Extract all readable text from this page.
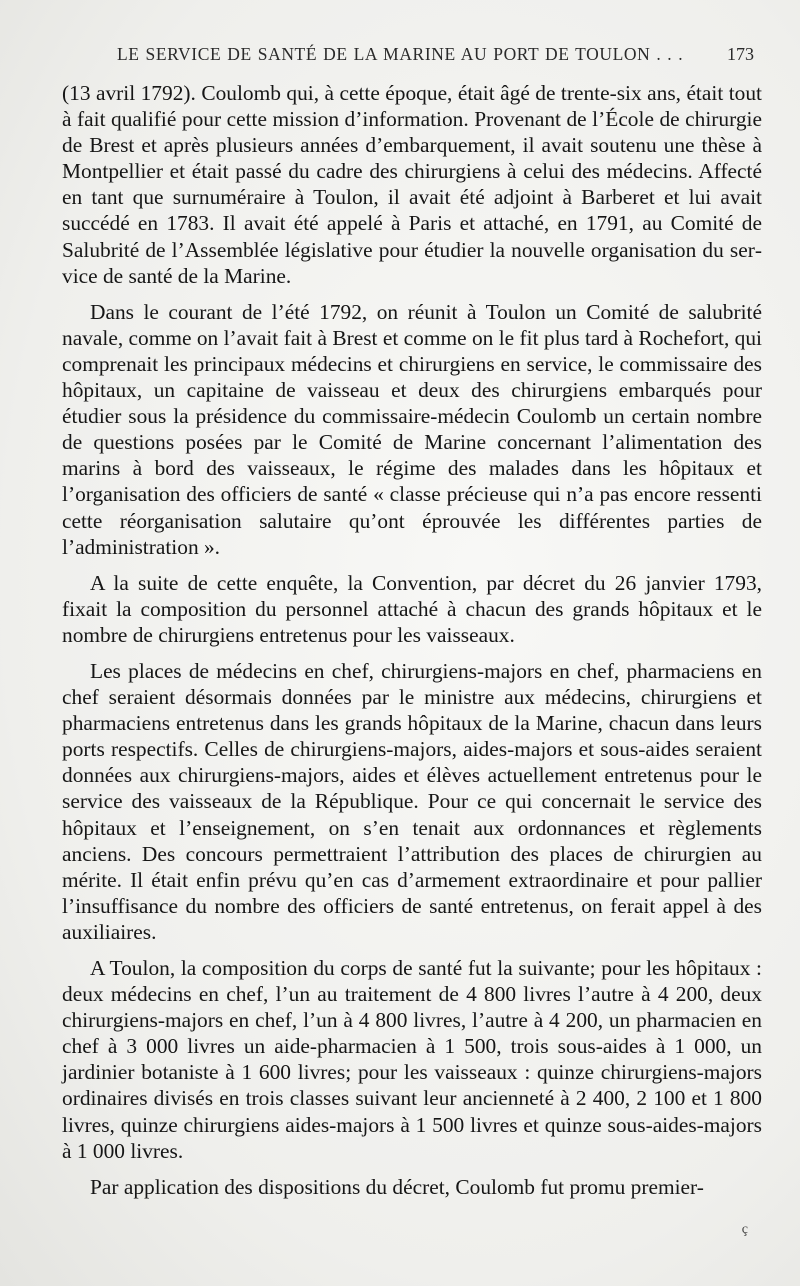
LE SERVICE DE SANTÉ DE LA MARINE AU PORT DE TOULON . . . 173

(13 avril 1792). Coulomb qui, à cette époque, était âgé de trente-six ans, était tout à fait qualifié pour cette mission d’information. Provenant de l’École de chirurgie de Brest et après plusieurs années d’embarquement, il avait soutenu une thèse à Montpellier et était passé du cadre des chirurgiens à celui des médecins. Affecté en tant que surnuméraire à Toulon, il avait été adjoint à Barberet et lui avait succédé en 1783. Il avait été appelé à Paris et attaché, en 1791, au Comité de Salubrité de l’Assemblée législative pour étudier la nouvelle organisation du service de santé de la Marine.

Dans le courant de l’été 1792, on réunit à Toulon un Comité de salubrité navale, comme on l’avait fait à Brest et comme on le fit plus tard à Rochefort, qui comprenait les principaux médecins et chirurgiens en service, le commissaire des hôpitaux, un capitaine de vaisseau et deux des chirurgiens embarqués pour étudier sous la présidence du commissaire-médecin Coulomb un certain nombre de questions posées par le Comité de Marine concernant l’alimentation des marins à bord des vaisseaux, le régime des malades dans les hôpitaux et l’organisation des officiers de santé « classe précieuse qui n’a pas encore ressenti cette réorganisation salutaire qu’ont éprouvée les différentes parties de l’administration ».

A la suite de cette enquête, la Convention, par décret du 26 janvier 1793, fixait la composition du personnel attaché à chacun des grands hôpitaux et le nombre de chirurgiens entretenus pour les vaisseaux.

Les places de médecins en chef, chirurgiens-majors en chef, pharmaciens en chef seraient désormais données par le ministre aux médecins, chirurgiens et pharmaciens entretenus dans les grands hôpitaux de la Marine, chacun dans leurs ports respectifs. Celles de chirurgiens-majors, aides-majors et sous-aides seraient données aux chirurgiens-majors, aides et élèves actuellement entretenus pour le service des vaisseaux de la République. Pour ce qui concernait le service des hôpitaux et l’enseignement, on s’en tenait aux ordonnances et règlements anciens. Des concours permettraient l’attribution des places de chirurgien au mérite. Il était enfin prévu qu’en cas d’armement extraordinaire et pour pallier l’insuffisance du nombre des officiers de santé entretenus, on ferait appel à des auxiliaires.

A Toulon, la composition du corps de santé fut la suivante; pour les hôpitaux : deux médecins en chef, l’un au traitement de 4 800 livres l’autre à 4 200, deux chirurgiens-majors en chef, l’un à 4 800 livres, l’autre à 4 200, un pharmacien en chef à 3 000 livres un aide-pharmacien à 1 500, trois sous-aides à 1 000, un jardinier botaniste à 1 600 livres; pour les vaisseaux : quinze chirurgiens-majors ordinaires divisés en trois classes suivant leur ancienneté à 2 400, 2 100 et 1 800 livres, quinze chirurgiens aides-majors à 1 500 livres et quinze sous-aides-majors à 1 000 livres.

Par application des dispositions du décret, Coulomb fut promu premier-

ç
